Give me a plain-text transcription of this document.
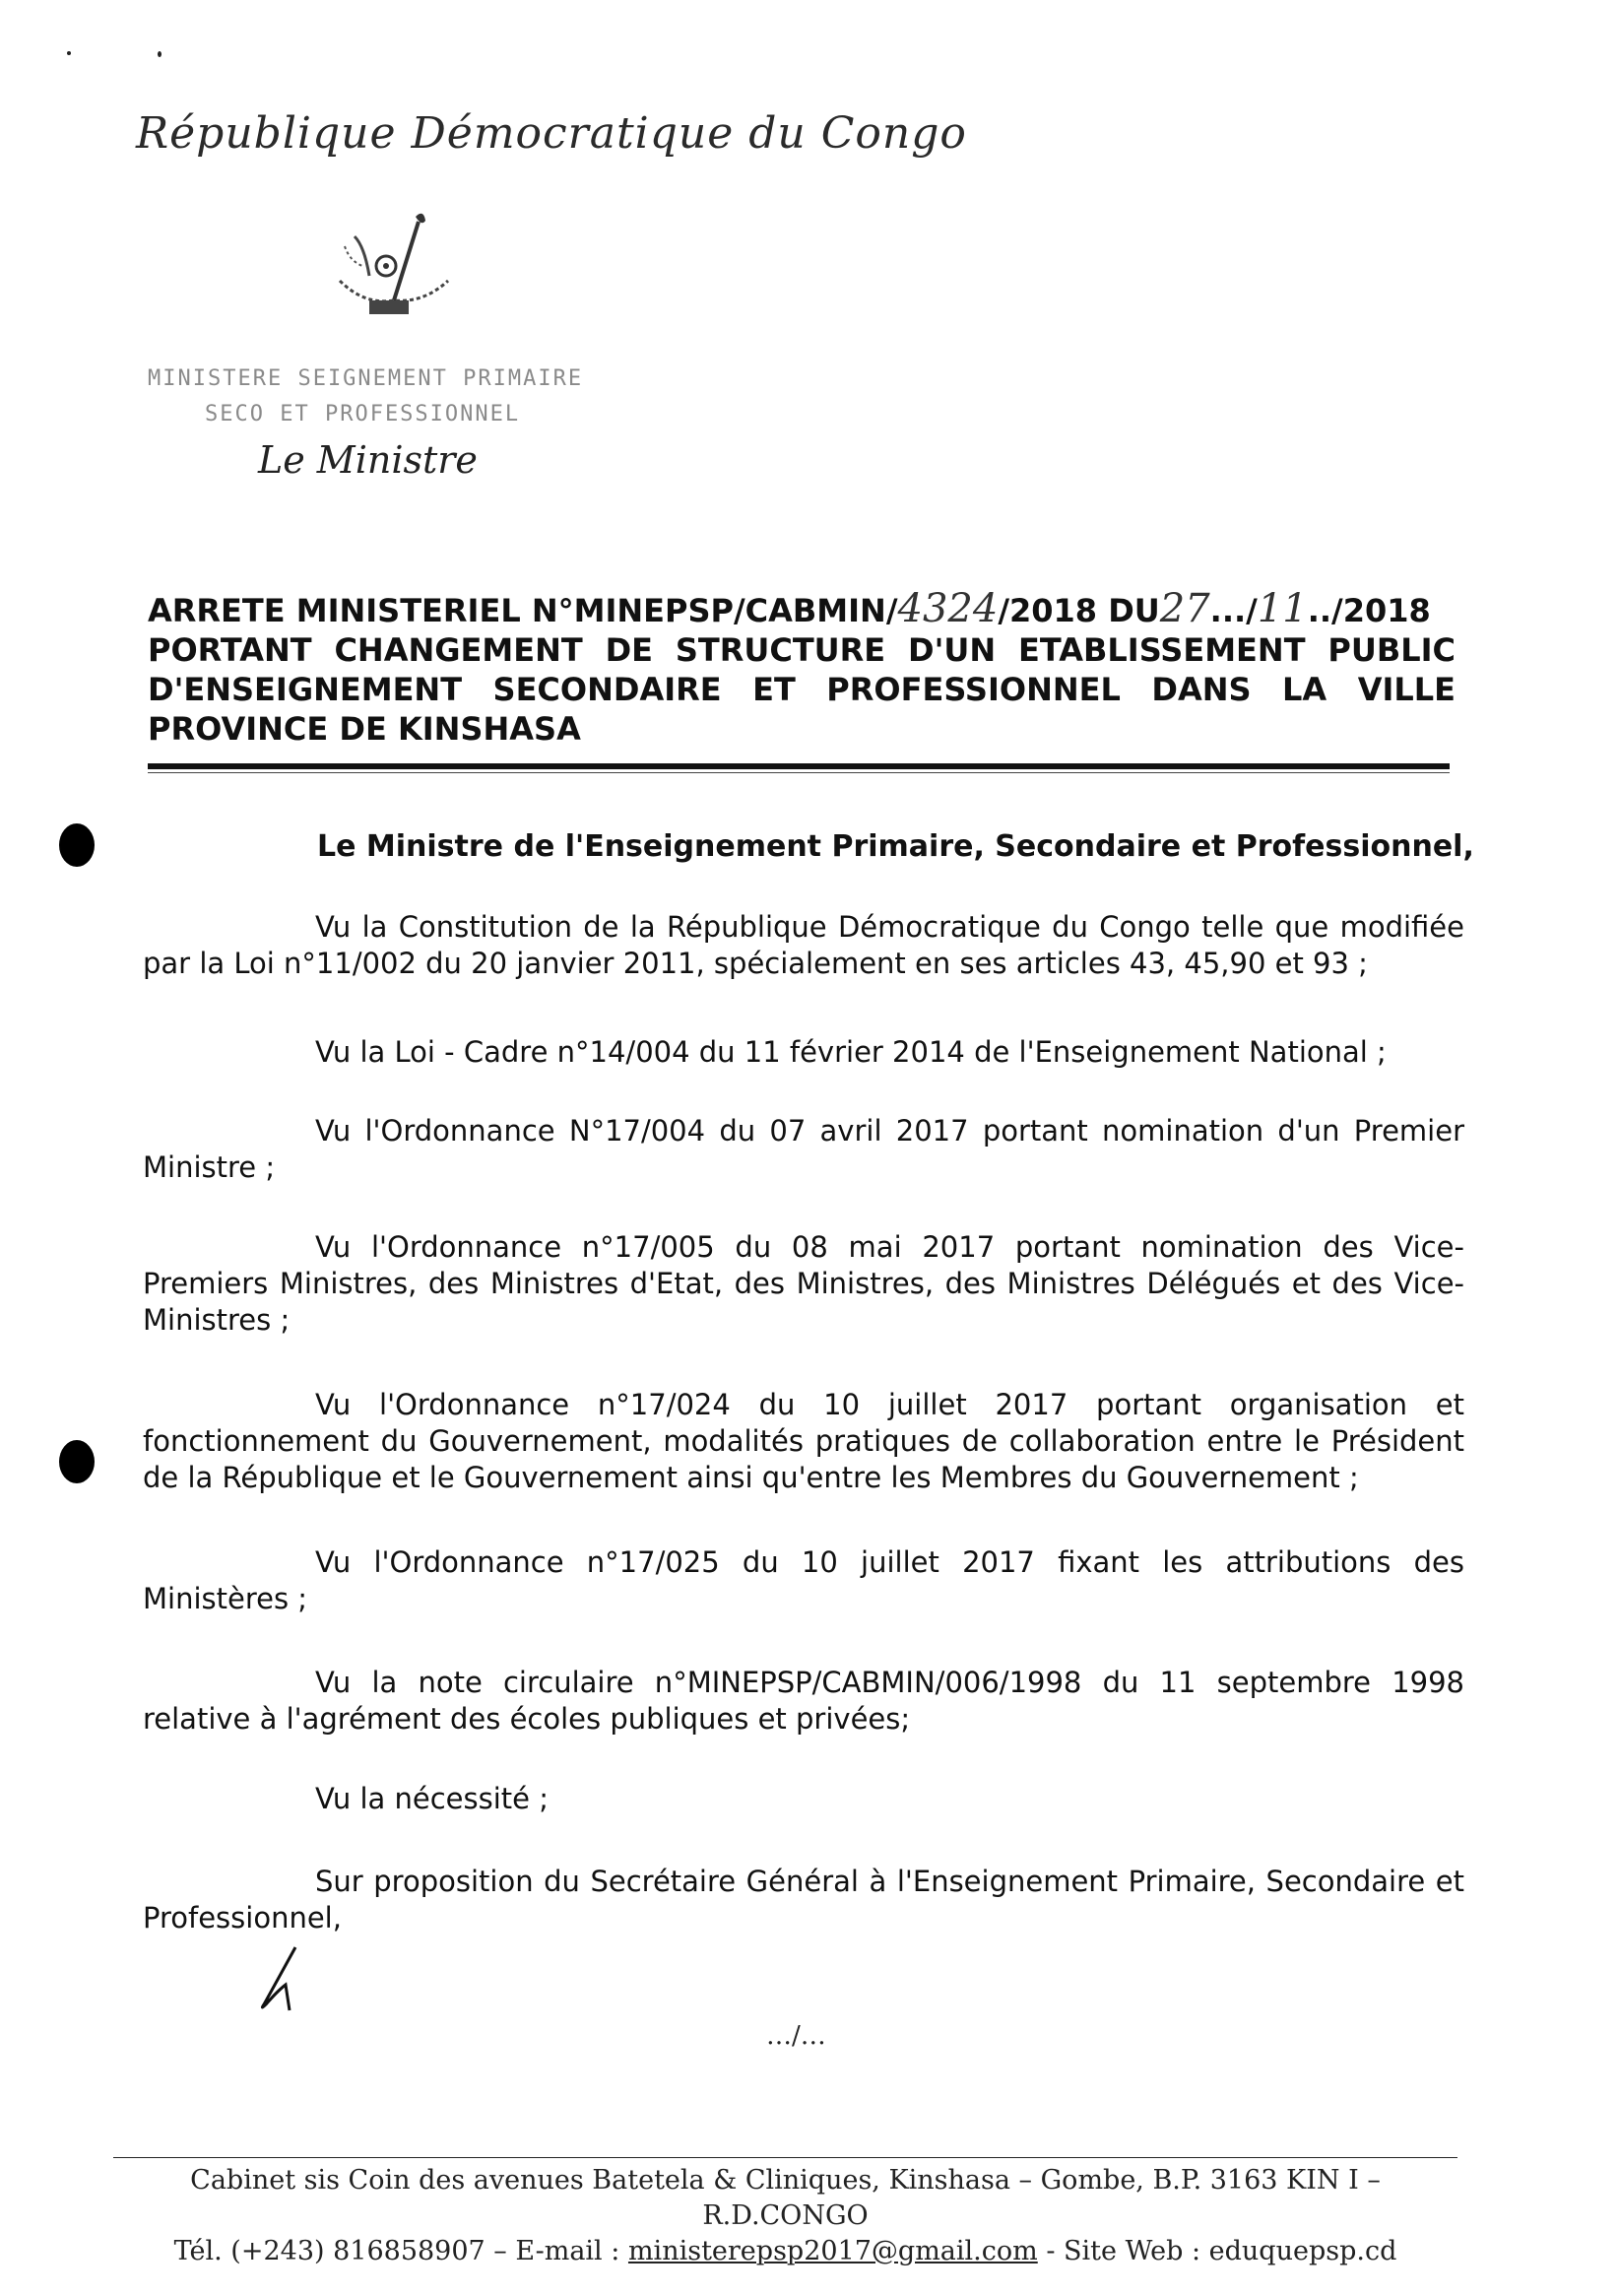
République Démocratique du Congo
MINISTERE SEIGNEMENT PRIMAIRE
SECO ET PROFESSIONNEL
Le Ministre
ARRETE MINISTERIEL N°MINEPSP/CABMIN/4324/2018 DU27.../11../2018
PORTANT CHANGEMENT DE STRUCTURE D'UN ETABLISSEMENT PUBLIC
D'ENSEIGNEMENT SECONDAIRE ET PROFESSIONNEL DANS LA VILLE
PROVINCE DE KINSHASA
Le Ministre de l'Enseignement Primaire, Secondaire et Professionnel,
Vu la Constitution de la République Démocratique du Congo telle que modifiée
par la Loi n°11/002 du 20 janvier 2011, spécialement en ses articles 43, 45,90 et 93 ;
Vu la Loi - Cadre n°14/004 du 11 février 2014 de l'Enseignement National ;
Vu l'Ordonnance N°17/004 du 07 avril 2017 portant nomination d'un Premier
Ministre ;
Vu l'Ordonnance n°17/005 du 08 mai 2017 portant nomination des Vice-
Premiers Ministres, des Ministres d'Etat, des Ministres, des Ministres Délégués et des Vice-
Ministres ;
Vu l'Ordonnance n°17/024 du 10 juillet 2017 portant organisation et
fonctionnement du Gouvernement, modalités pratiques de collaboration entre le Président
de la République et le Gouvernement ainsi qu'entre les Membres du Gouvernement ;
Vu l'Ordonnance n°17/025 du 10 juillet 2017 fixant les attributions des
Ministères ;
Vu la note circulaire n°MINEPSP/CABMIN/006/1998 du 11 septembre 1998
relative à l'agrément des écoles publiques et privées;
Vu la nécessité ;
Sur proposition du Secrétaire Général à l'Enseignement Primaire, Secondaire et
Professionnel,
…/…
Cabinet sis Coin des avenues Batetela & Cliniques, Kinshasa – Gombe, B.P. 3163 KIN I – R.D.CONGO
Tél. (+243) 816858907 – E-mail : ministerepsp2017@gmail.com - Site Web : eduquepsp.cd
